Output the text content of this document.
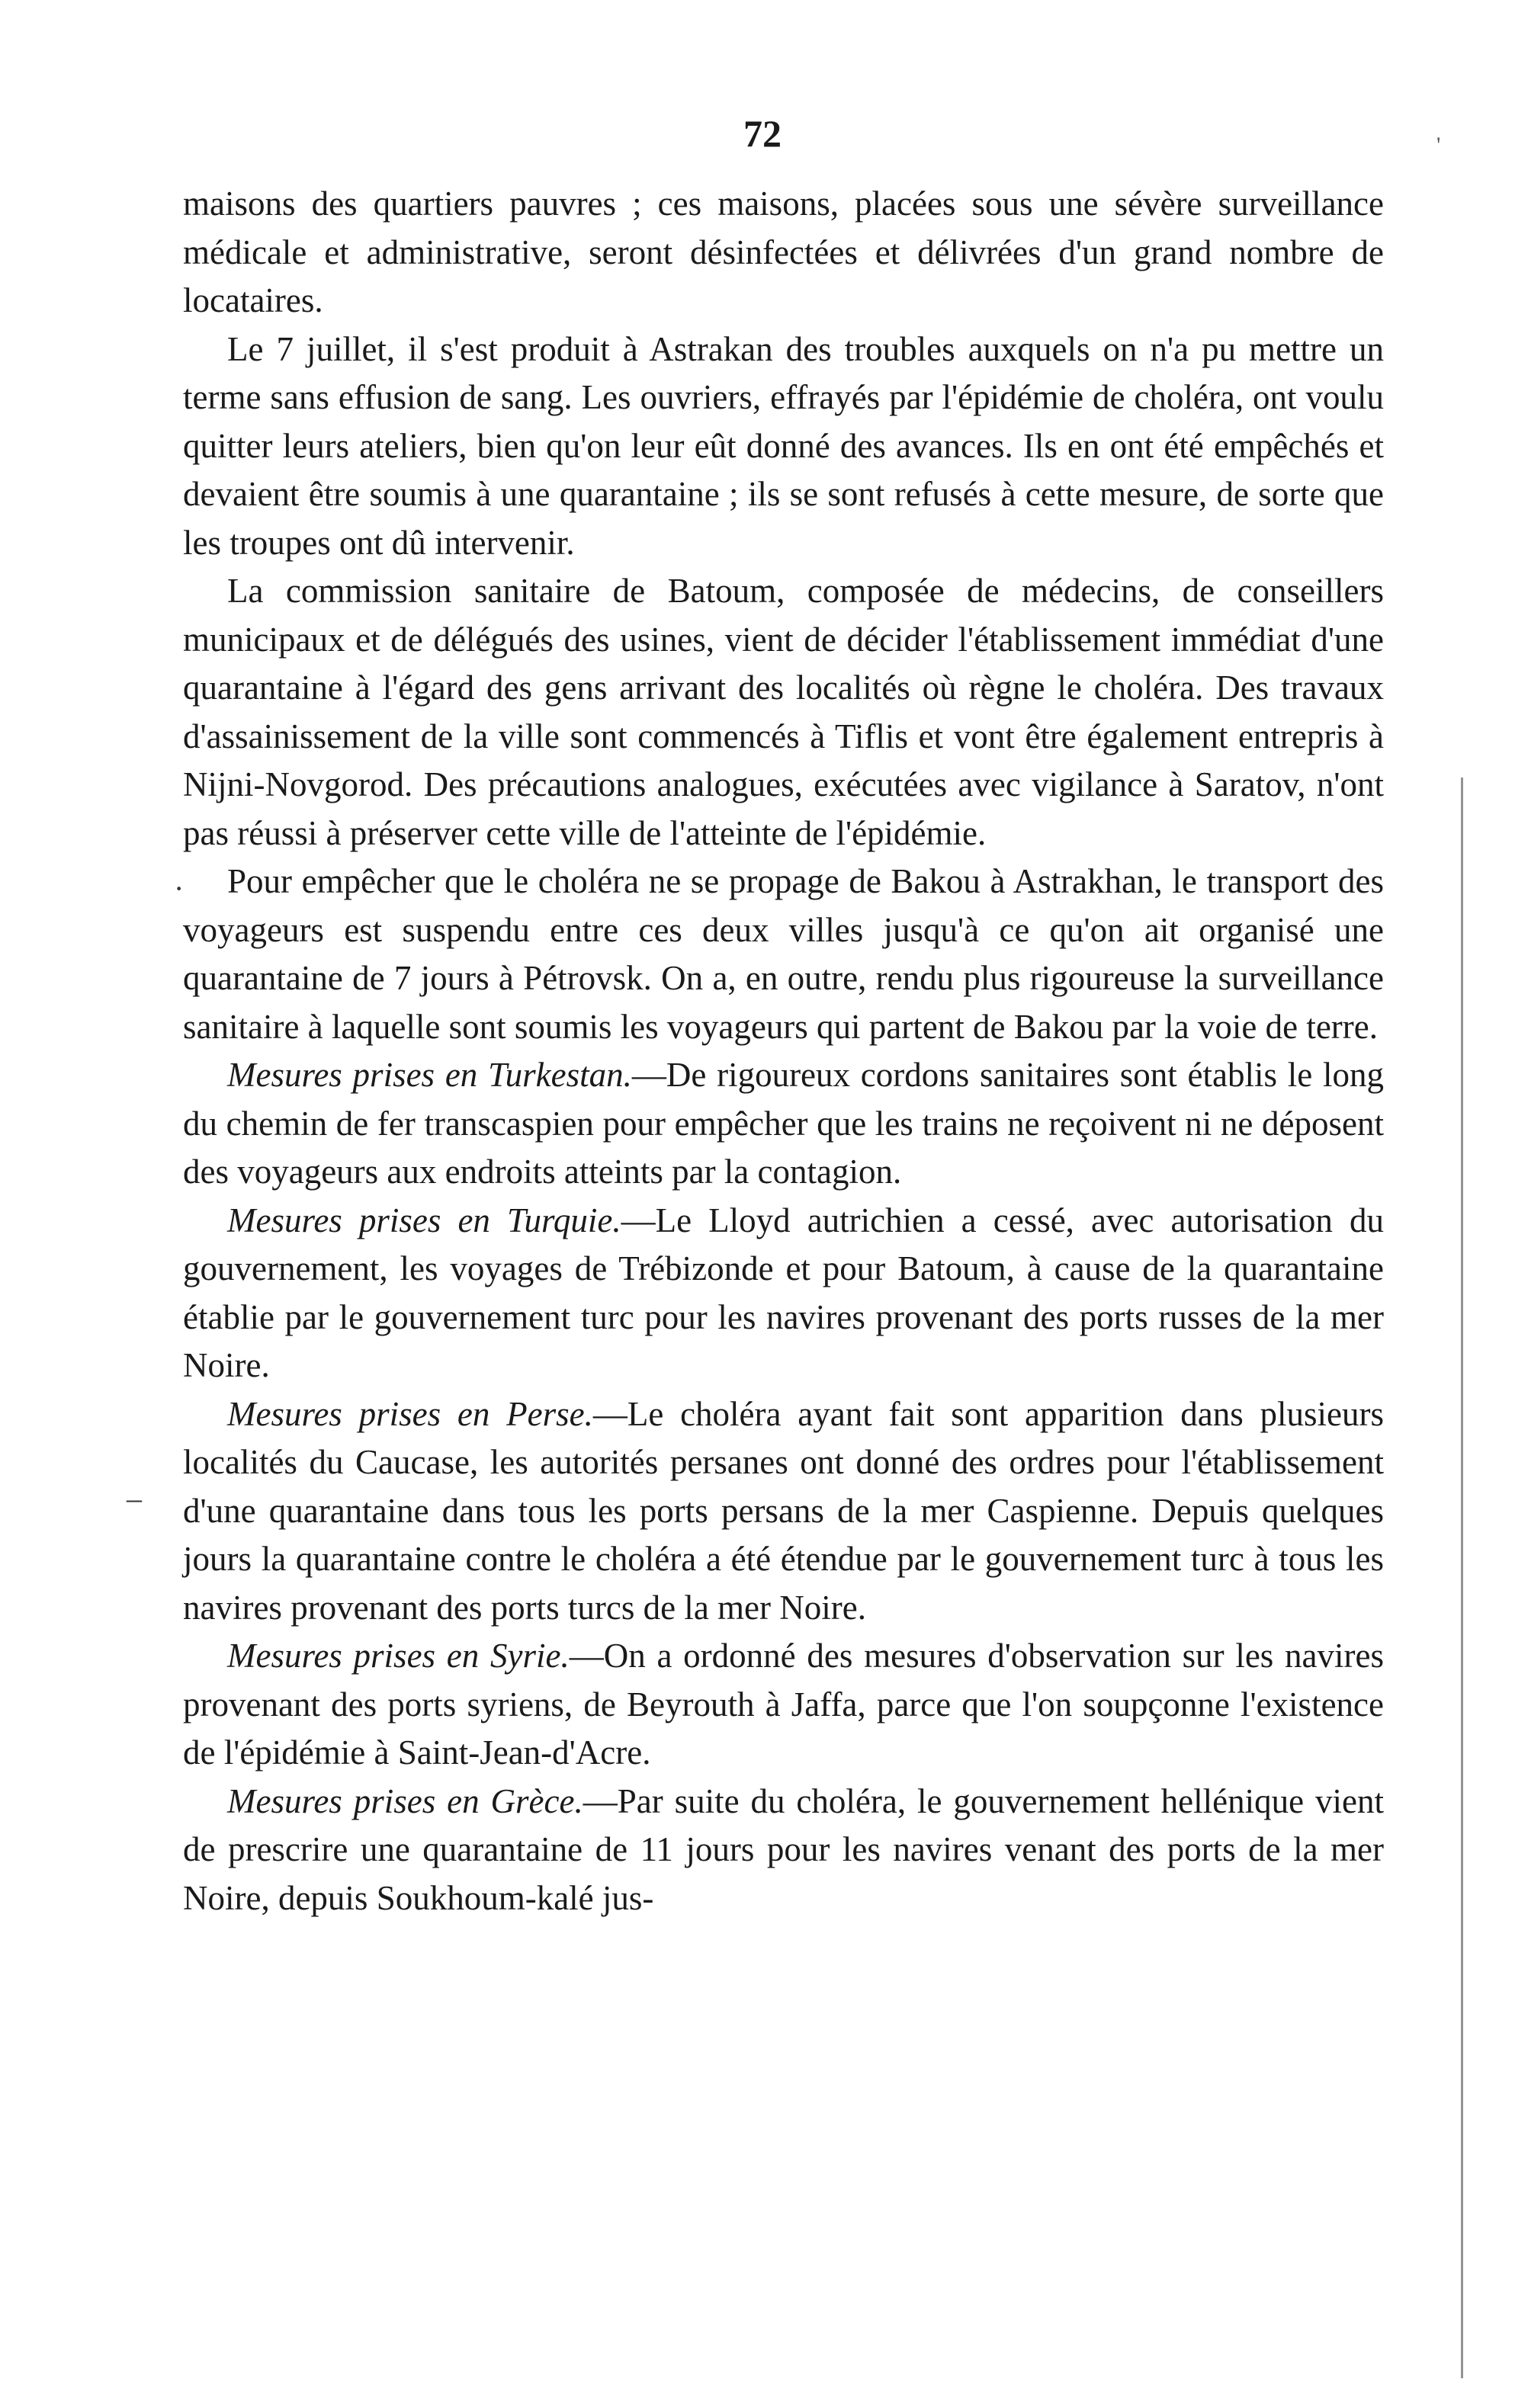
72	'

maisons des quartiers pauvres ; ces maisons, placées sous une sévère surveillance médicale et administrative, seront désinfectées et délivrées d'un grand nombre de locataires.

Le 7 juillet, il s'est produit à Astrakan des troubles auxquels on n'a pu mettre un terme sans effusion de sang. Les ouvriers, effrayés par l'épidémie de choléra, ont voulu quitter leurs ateliers, bien qu'on leur eût donné des avances. Ils en ont été empêchés et devaient être soumis à une quarantaine ; ils se sont refusés à cette mesure, de sorte que les troupes ont dû intervenir.

La commission sanitaire de Batoum, composée de médecins, de conseillers municipaux et de délégués des usines, vient de décider l'établissement immédiat d'une quarantaine à l'égard des gens arrivant des localités où règne le choléra. Des travaux d'assainissement de la ville sont commencés à Tiflis et vont être également entrepris à Nijni-Novgorod. Des précautions analogues, exécutées avec vigilance à Saratov, n'ont pas réussi à préserver cette ville de l'atteinte de l'épidémie.

Pour empêcher que le choléra ne se propage de Bakou à Astrakhan, le transport des voyageurs est suspendu entre ces deux villes jusqu'à ce qu'on ait organisé une quarantaine de 7 jours à Pétrovsk. On a, en outre, rendu plus rigoureuse la surveillance sanitaire à laquelle sont soumis les voyageurs qui partent de Bakou par la voie de terre.

Mesures prises en Turkestan.—De rigoureux cordons sanitaires sont établis le long du chemin de fer transcaspien pour empêcher que les trains ne reçoivent ni ne déposent des voyageurs aux endroits atteints par la contagion.

Mesures prises en Turquie.—Le Lloyd autrichien a cessé, avec autorisation du gouvernement, les voyages de Trébizonde et pour Batoum, à cause de la quarantaine établie par le gouvernement turc pour les navires provenant des ports russes de la mer Noire.

Mesures prises en Perse.—Le choléra ayant fait sont apparition dans plusieurs localités du Caucase, les autorités persanes ont donné des ordres pour l'établissement d'une quarantaine dans tous les ports persans de la mer Caspienne. Depuis quelques jours la quarantaine contre le choléra a été étendue par le gouvernement turc à tous les navires provenant des ports turcs de la mer Noire.

Mesures prises en Syrie.—On a ordonné des mesures d'observation sur les navires provenant des ports syriens, de Beyrouth à Jaffa, parce que l'on soupçonne l'existence de l'épidémie à Saint-Jean-d'Acre.

Mesures prises en Grèce.—Par suite du choléra, le gouvernement hellénique vient de prescrire une quarantaine de 11 jours pour les navires venant des ports de la mer Noire, depuis Soukhoum-kalé jus-

·
–
